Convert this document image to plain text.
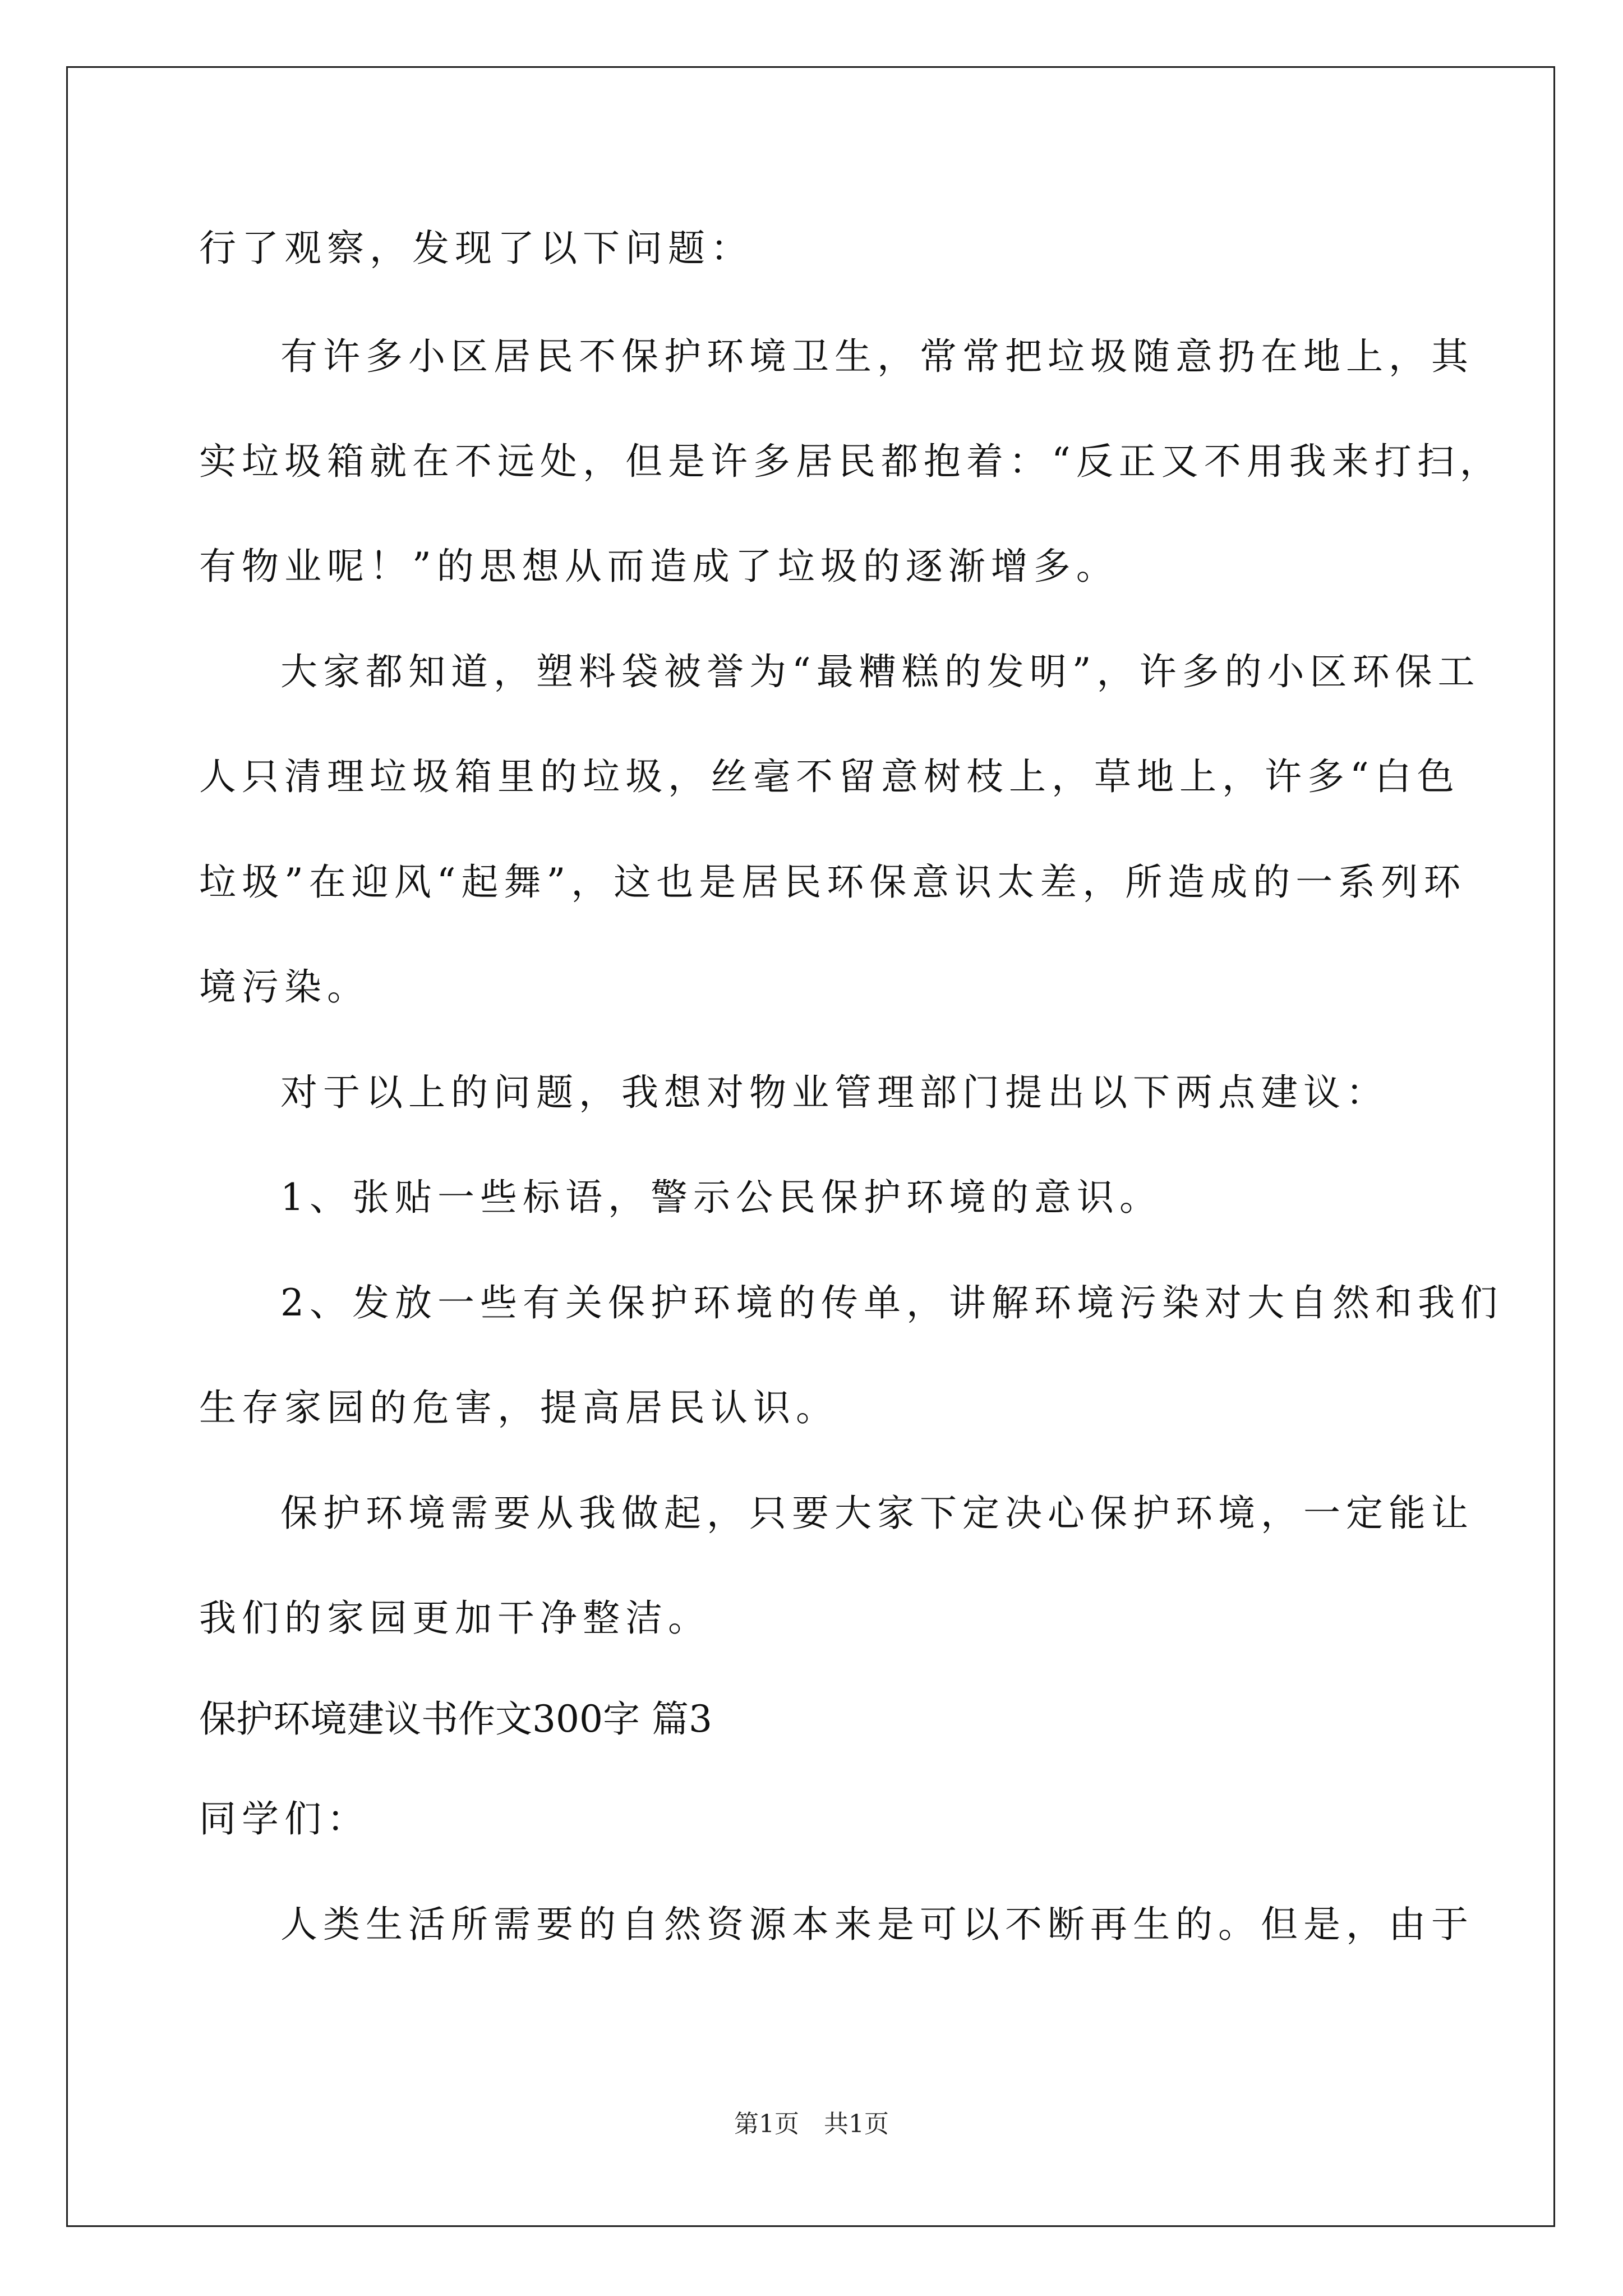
行了观察，发现了以下问题：
有许多小区居民不保护环境卫生，常常把垃圾随意扔在地上，其
实垃圾箱就在不远处，但是许多居民都抱着：“反正又不用我来打扫，
有物业呢！”的思想从而造成了垃圾的逐渐增多。
大家都知道，塑料袋被誉为“最糟糕的发明”，许多的小区环保工
人只清理垃圾箱里的垃圾，丝毫不留意树枝上，草地上，许多“白色
垃圾”在迎风“起舞”，这也是居民环保意识太差，所造成的一系列环
境污染。
对于以上的问题，我想对物业管理部门提出以下两点建议：
1、张贴一些标语，警示公民保护环境的意识。
2、发放一些有关保护环境的传单，讲解环境污染对大自然和我们
生存家园的危害，提高居民认识。
保护环境需要从我做起，只要大家下定决心保护环境，一定能让
我们的家园更加干净整洁。
保护环境建议书作文300字 篇3
同学们：
人类生活所需要的自然资源本来是可以不断再生的。但是，由于
第1页 共1页
